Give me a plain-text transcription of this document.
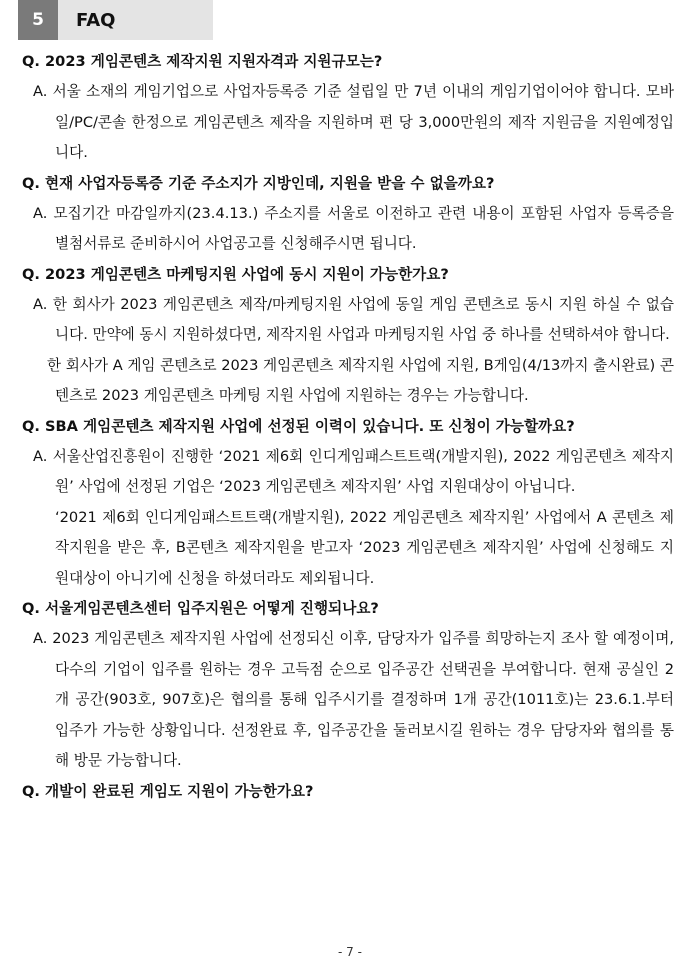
5	FAQ
Q. 2023 게임콘텐츠 제작지원 지원자격과 지원규모는?
A. 서울 소재의 게임기업으로 사업자등록증 기준 설립일 만 7년 이내의 게임기업이어야 합니다. 모바일/PC/콘솔 한정으로 게임콘텐츠 제작을 지원하며 편 당 3,000만원의 제작 지원금을 지원예정입니다.
Q. 현재 사업자등록증 기준 주소지가 지방인데, 지원을 받을 수 없을까요?
A. 모집기간 마감일까지(23.4.13.) 주소지를 서울로 이전하고 관련 내용이 포함된 사업자 등록증을 별첨서류로 준비하시어 사업공고를 신청해주시면 됩니다.
Q. 2023 게임콘텐츠 마케팅지원 사업에 동시 지원이 가능한가요?
A. 한 회사가 2023 게임콘텐츠 제작/마케팅지원 사업에 동일 게임 콘텐츠로 동시 지원 하실 수 없습니다. 만약에 동시 지원하셨다면, 제작지원 사업과 마케팅지원 사업 중 하나를 선택하셔야 합니다.
한 회사가 A 게임 콘텐츠로 2023 게임콘텐츠 제작지원 사업에 지원, B게임(4/13까지 출시완료) 콘텐츠로 2023 게임콘텐츠 마케팅 지원 사업에 지원하는 경우는 가능합니다.
Q. SBA 게임콘텐츠 제작지원 사업에 선정된 이력이 있습니다. 또 신청이 가능할까요?
A. 서울산업진흥원이 진행한 ‘2021 제6회 인디게임패스트트랙(개발지원), 2022 게임콘텐츠 제작지원’ 사업에 선정된 기업은 ‘2023 게임콘텐츠 제작지원’ 사업 지원대상이 아닙니다.
‘2021 제6회 인디게임패스트트랙(개발지원), 2022 게임콘텐츠 제작지원’ 사업에서 A 콘텐츠 제작지원을 받은 후, B콘텐츠 제작지원을 받고자 ‘2023 게임콘텐츠 제작지원’ 사업에 신청해도 지원대상이 아니기에 신청을 하셨더라도 제외됩니다.
Q. 서울게임콘텐츠센터 입주지원은 어떻게 진행되나요?
A. 2023 게임콘텐츠 제작지원 사업에 선정되신 이후, 담당자가 입주를 희망하는지 조사 할 예정이며, 다수의 기업이 입주를 원하는 경우 고득점 순으로 입주공간 선택권을 부여합니다. 현재 공실인 2개 공간(903호, 907호)은 협의를 통해 입주시기를 결정하며 1개 공간(1011호)는 23.6.1.부터 입주가 가능한 상황입니다. 선정완료 후, 입주공간을 둘러보시길 원하는 경우 담당자와 협의를 통해 방문 가능합니다.
Q. 개발이 완료된 게임도 지원이 가능한가요?
- 7 -
